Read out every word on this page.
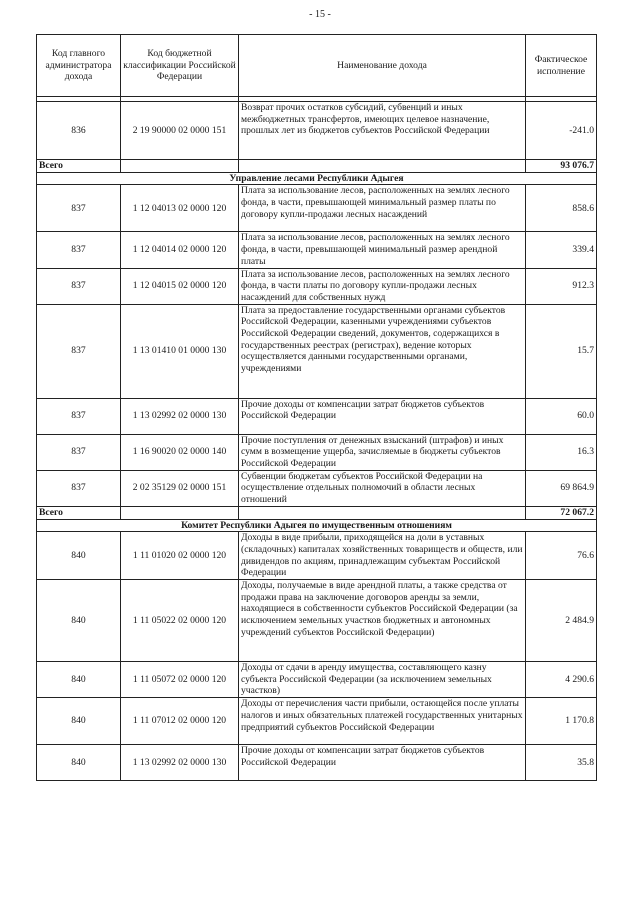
- 15 -
Код главного администратора дохода	Код бюджетной классификации Российской Федерации	Наименование дохода	Фактическое исполнение

836	2 19 90000 02 0000 151	Возврат прочих остатков субсидий, субвенций и иных межбюджетных трансфертов, имеющих целевое назначение, прошлых лет из бюджетов субъектов Российской Федерации	-241.0
Всего			93 076.7
Управление лесами Республики Адыгея			
837	1 12 04013 02 0000 120	Плата за использование лесов, расположенных на землях лесного фонда, в части, превышающей минимальный размер платы по договору купли-продажи лесных насаждений	858.6
837	1 12 04014 02 0000 120	Плата за использование лесов, расположенных на землях лесного фонда, в части, превышающей минимальный размер арендной платы	339.4
837	1 12 04015 02 0000 120	Плата за использование лесов, расположенных на землях лесного фонда, в части платы по договору купли-продажи лесных насаждений для собственных нужд	912.3
837	1 13 01410 01 0000 130	Плата за предоставление государственными органами субъектов Российской Федерации, казенными учреждениями субъектов Российской Федерации сведений, документов, содержащихся в государственных реестрах (регистрах), ведение которых осуществляется данными государственными органами, учреждениями	15.7
837	1 13 02992 02 0000 130	Прочие доходы от компенсации затрат бюджетов субъектов Российской Федерации	60.0
837	1 16 90020 02 0000 140	Прочие поступления от денежных взысканий (штрафов) и иных сумм в возмещение ущерба, зачисляемые в бюджеты субъектов Российской Федерации	16.3
837	2 02 35129 02 0000 151	Субвенции бюджетам субъектов Российской Федерации на осуществление отдельных полномочий в области лесных отношений	69 864.9
Всего			72 067.2
Комитет Республики Адыгея по имущественным отношениям			
840	1 11 01020 02 0000 120	Доходы в виде прибыли, приходящейся на доли в уставных (складочных) капиталах хозяйственных товариществ и обществ, или дивидендов по акциям, принадлежащим субъектам Российской Федерации	76.6
840	1 11 05022 02 0000 120	Доходы, получаемые в виде арендной платы, а также средства от продажи права на заключение договоров аренды за земли, находящиеся в собственности субъектов Российской Федерации (за исключением земельных участков бюджетных и автономных учреждений субъектов Российской Федерации)	2 484.9
840	1 11 05072 02 0000 120	Доходы от сдачи в аренду имущества, составляющего казну субъекта Российской Федерации (за исключением земельных участков)	4 290.6
840	1 11 07012 02 0000 120	Доходы от перечисления части прибыли, остающейся после уплаты налогов и иных обязательных платежей государственных унитарных предприятий субъектов Российской Федерации	1 170.8
840	1 13 02992 02 0000 130	Прочие доходы от компенсации затрат бюджетов субъектов Российской Федерации	35.8
